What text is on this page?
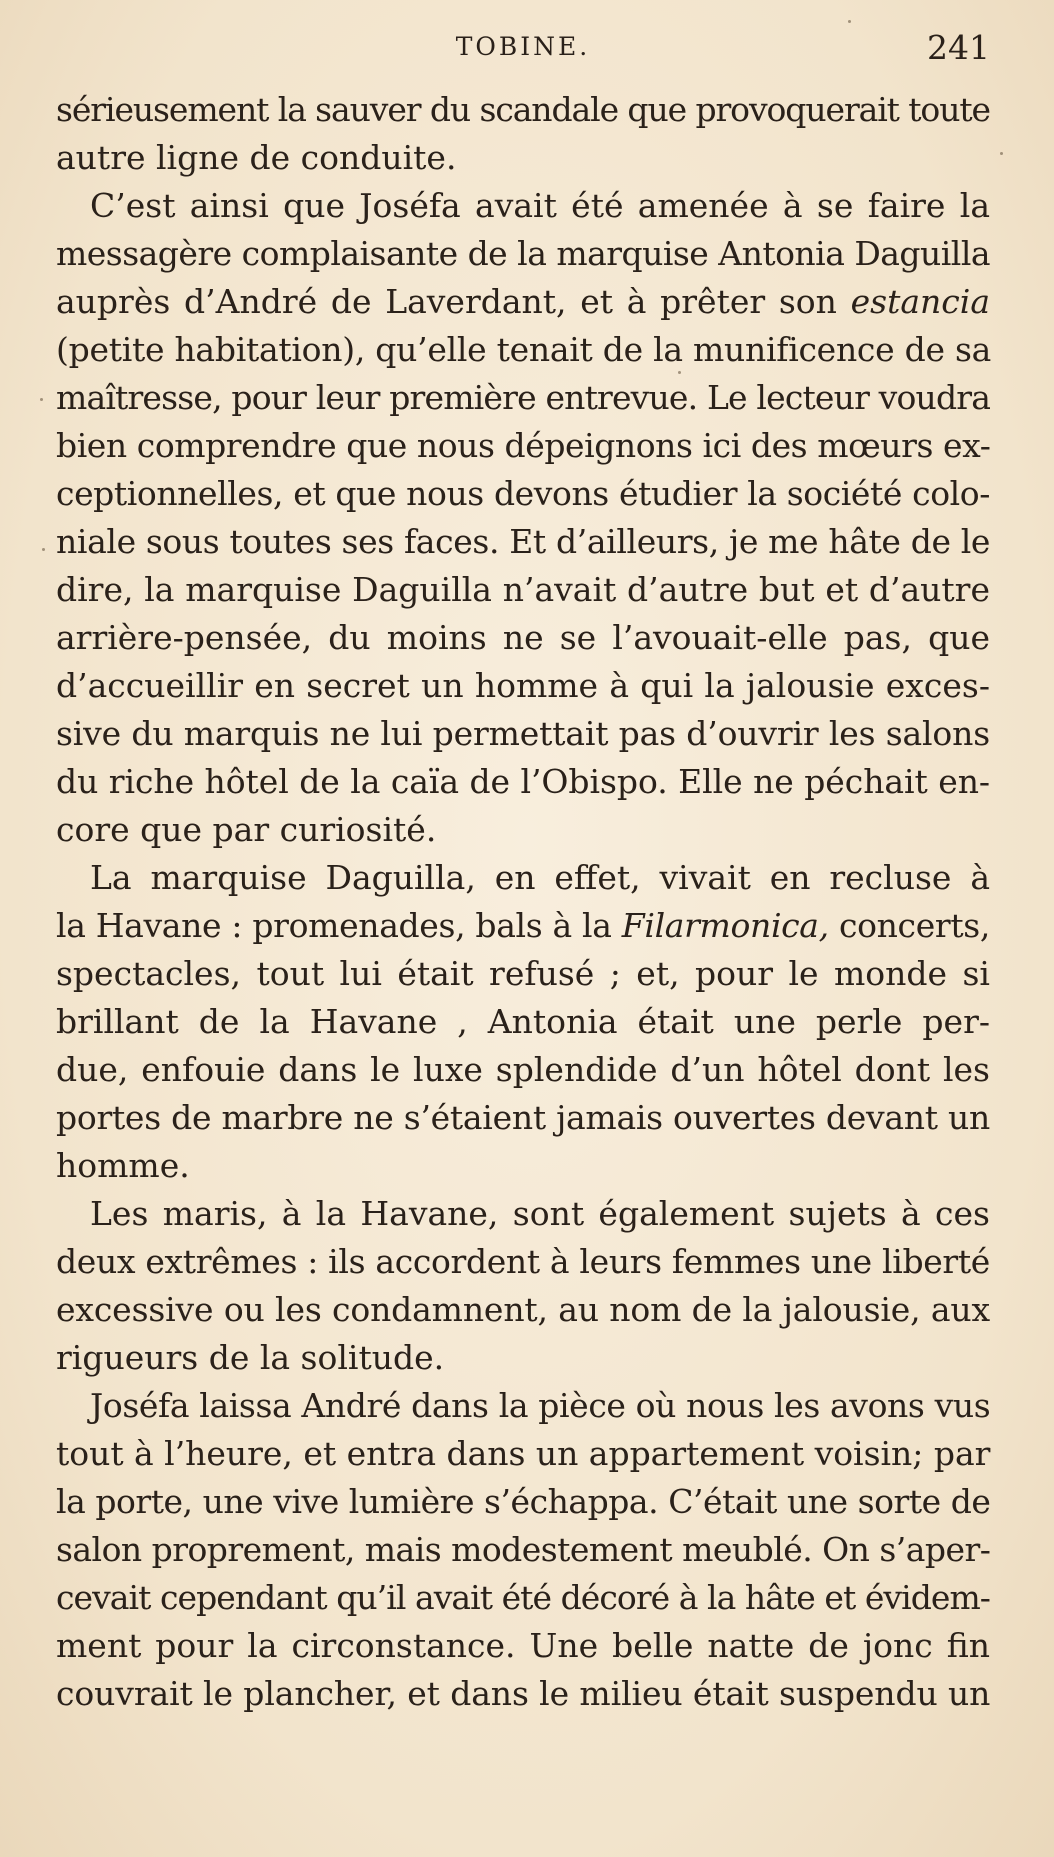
TOBINE.	241
sérieusement la sauver du scandale que provoquerait toute
autre ligne de conduite.
C’est ainsi que Joséfa avait été amenée à se faire la
messagère complaisante de la marquise Antonia Daguilla
auprès d’André de Laverdant, et à prêter son estancia
(petite habitation), qu’elle tenait de la munificence de sa
maîtresse, pour leur première entrevue. Le lecteur voudra
bien comprendre que nous dépeignons ici des mœurs ex-
ceptionnelles, et que nous devons étudier la société colo-
niale sous toutes ses faces. Et d’ailleurs, je me hâte de le
dire, la marquise Daguilla n’avait d’autre but et d’autre
arrière-pensée, du moins ne se l’avouait-elle pas, que
d’accueillir en secret un homme à qui la jalousie exces-
sive du marquis ne lui permettait pas d’ouvrir les salons
du riche hôtel de la caïa de l’Obispo. Elle ne péchait en-
core que par curiosité.
La marquise Daguilla, en effet, vivait en recluse à
la Havane : promenades, bals à la Filarmonica, concerts,
spectacles, tout lui était refusé ; et, pour le monde si
brillant de la Havane , Antonia était une perle per-
due, enfouie dans le luxe splendide d’un hôtel dont les
portes de marbre ne s’étaient jamais ouvertes devant un
homme.
Les maris, à la Havane, sont également sujets à ces
deux extrêmes : ils accordent à leurs femmes une liberté
excessive ou les condamnent, au nom de la jalousie, aux
rigueurs de la solitude.
Joséfa laissa André dans la pièce où nous les avons vus
tout à l’heure, et entra dans un appartement voisin; par
la porte, une vive lumière s’échappa. C’était une sorte de
salon proprement, mais modestement meublé. On s’aper-
cevait cependant qu’il avait été décoré à la hâte et évidem-
ment pour la circonstance. Une belle natte de jonc fin
couvrait le plancher, et dans le milieu était suspendu un
